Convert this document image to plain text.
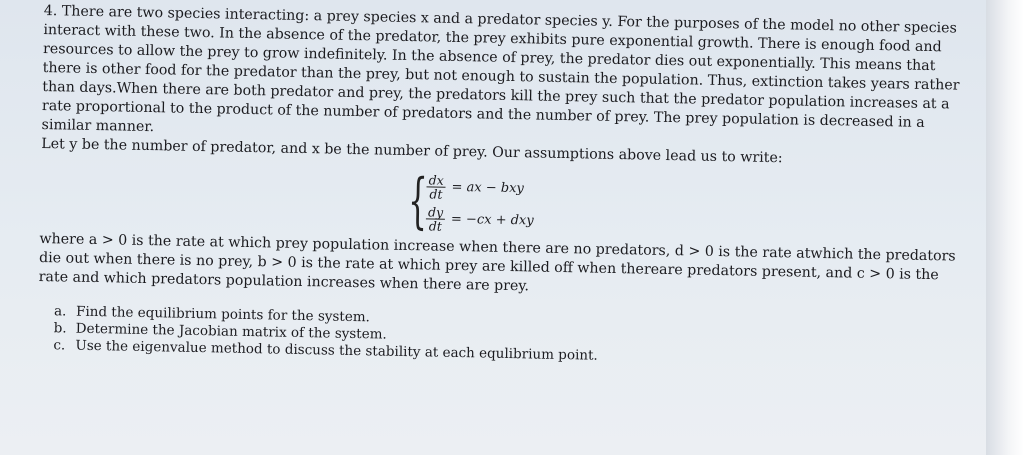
4. There are two species interacting: a prey species x and a predator species y. For the purposes of the model no other species interact with these two. In the absence of the predator, the prey exhibits pure exponential growth. There is enough food and resources to allow the prey to grow indefinitely. In the absence of prey, the predator dies out exponentially. This means that there is other food for the predator than the prey, but not enough to sustain the population. Thus, extinction takes years rather than days.When there are both predator and prey, the predators kill the prey such that the predator population increases at a rate proportional to the product of the number of predators and the number of prey. The prey population is decreased in a similar manner.

Let y be the number of predator, and x be the number of prey. Our assumptions above lead us to write:

{
$\frac{dx}{dt}$ = ax − bxy
$\frac{dy}{dt} = -cx$ + dxy

where a > 0 is the rate at which prey population increase when there are no predators, d > 0 is the rate atwhich the predators die out when there is no prey, b > 0 is the rate at which prey are killed off when thereare predators present, and c > 0 is the rate and which predators population increases when there are prey.

a. Find the equilibrium points for the system.
b. Determine the Jacobian matrix of the system.
c. Use the eigenvalue method to discuss the stability at each equlibrium point.
